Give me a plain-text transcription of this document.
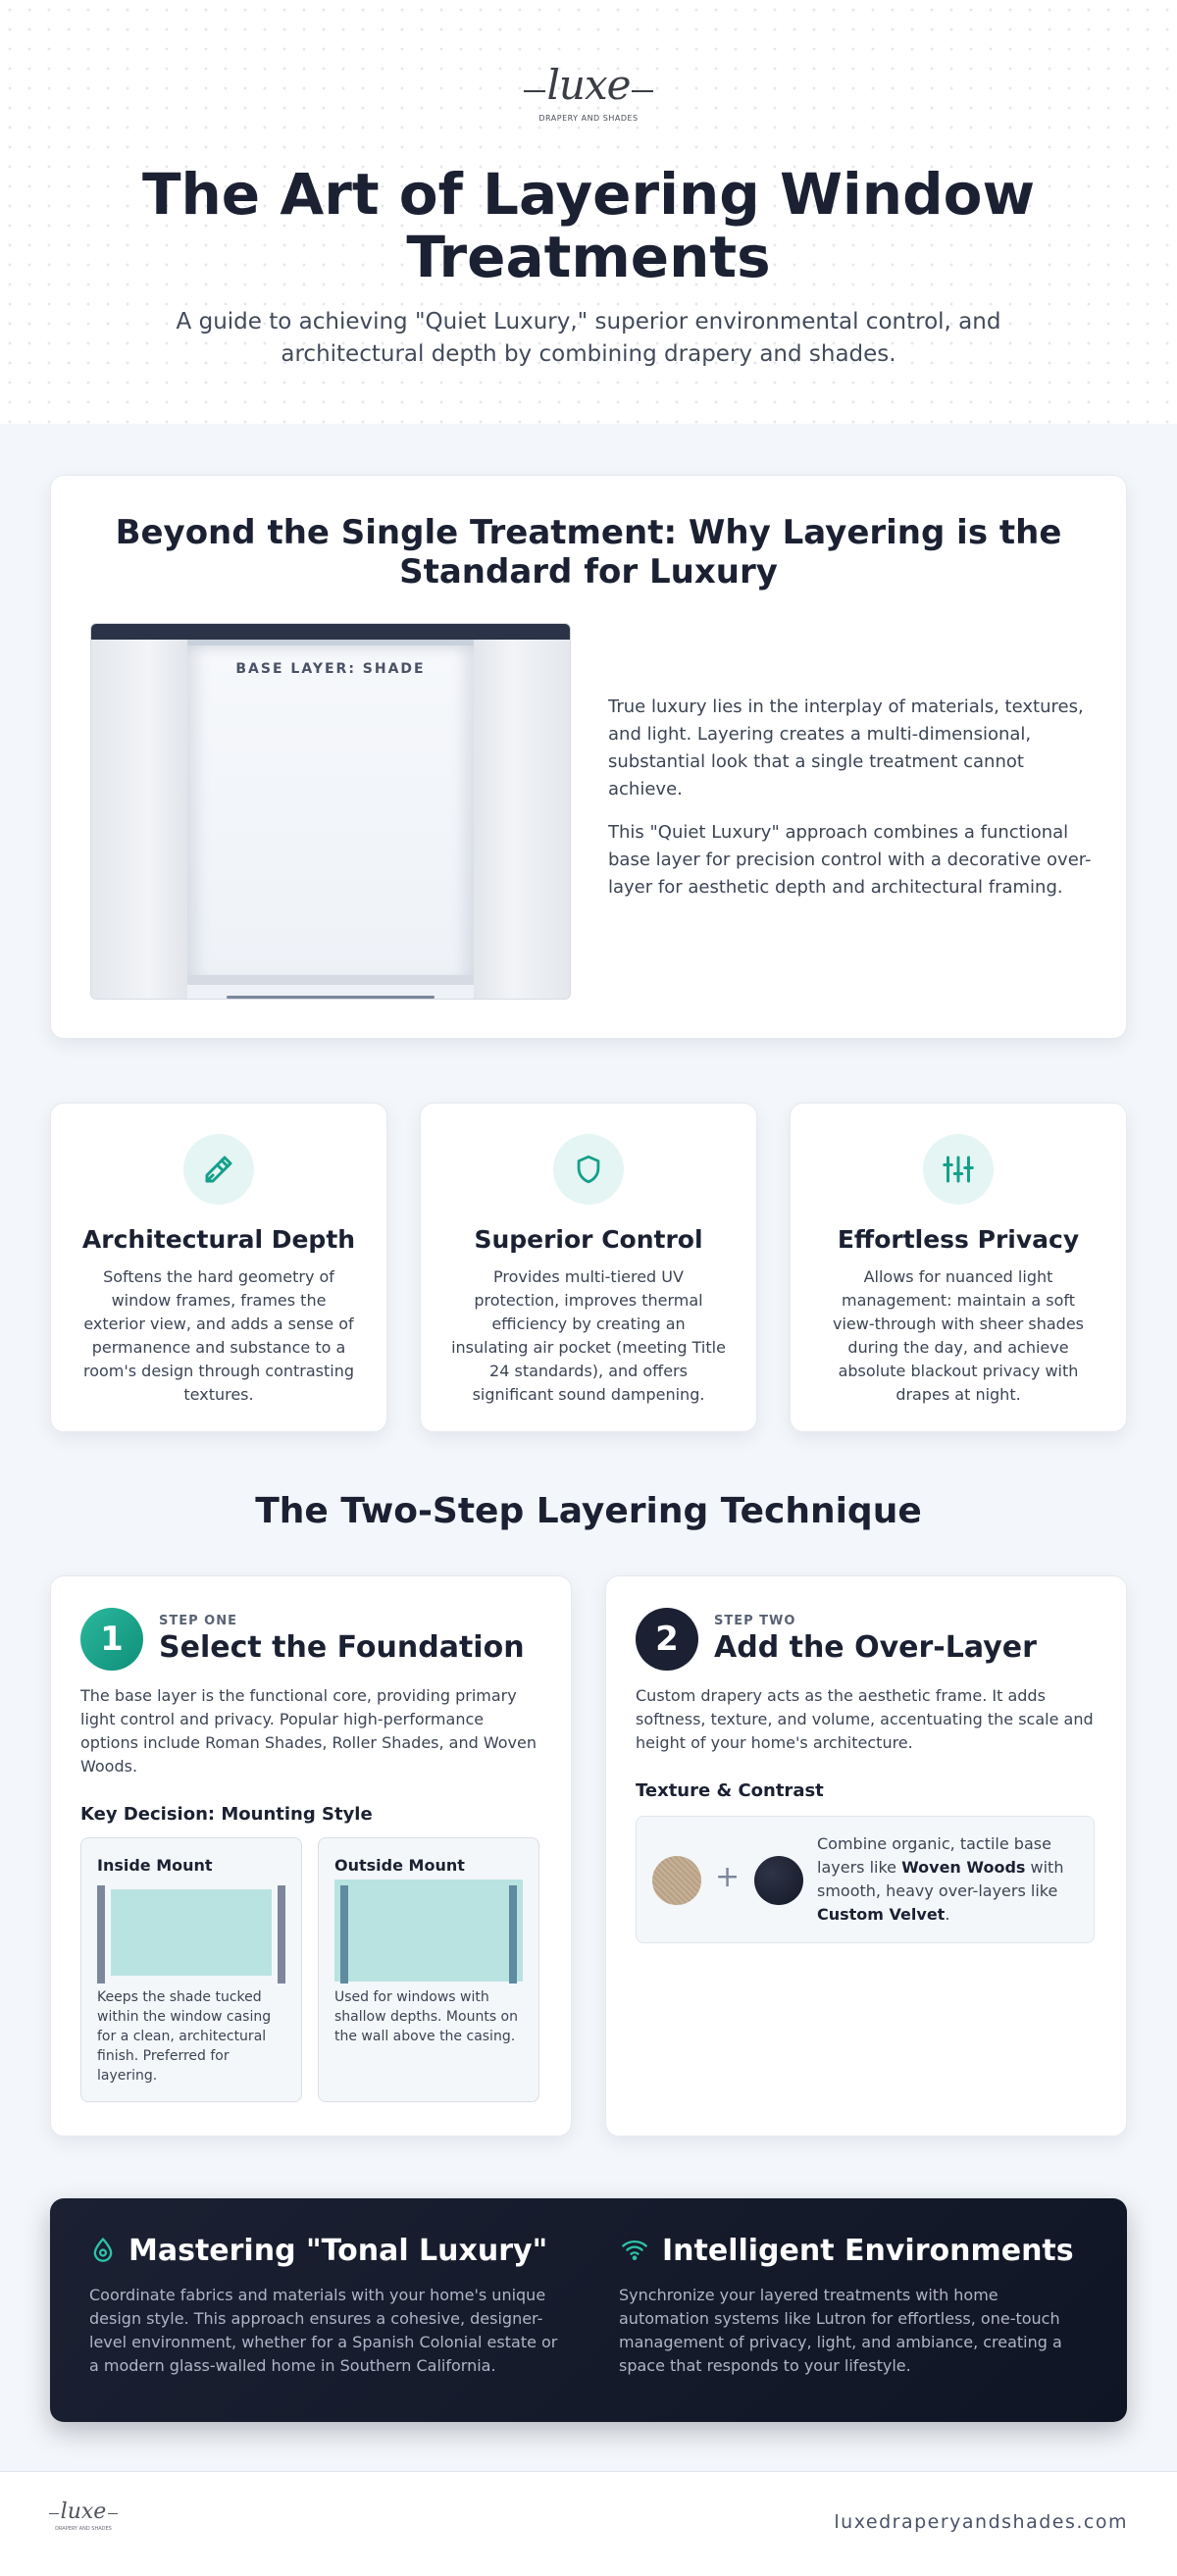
luxe
DRAPERY AND SHADES
The Art of Layering Window Treatments

A guide to achieving "Quiet Luxury," superior environmental control, and architectural depth by combining drapery and shades.

Beyond the Single Treatment: Why Layering is the Standard for Luxury
BASE LAYER: SHADE

True luxury lies in the interplay of materials, textures, and light. Layering creates a multi-dimensional, substantial look that a single treatment cannot achieve.

This "Quiet Luxury" approach combines a functional base layer for precision control with a decorative over-layer for aesthetic depth and architectural framing.

Architectural Depth

Softens the hard geometry of window frames, frames the exterior view, and adds a sense of permanence and substance to a room's design through contrasting textures.

Superior Control

Provides multi-tiered UV protection, improves thermal efficiency by creating an insulating air pocket (meeting Title 24 standards), and offers significant sound dampening.

Effortless Privacy

Allows for nuanced light management: maintain a soft view-through with sheer shades during the day, and achieve absolute blackout privacy with drapes at night.

The Two-Step Layering Technique
1	STEP ONE
Select the Foundation

The base layer is the functional core, providing primary light control and privacy. Popular high-performance options include Roman Shades, Roller Shades, and Woven Woods.

Key Decision: Mounting Style
Inside Mount

Keeps the shade tucked within the window casing for a clean, architectural finish. Preferred for layering.

Outside Mount

Used for windows with shallow depths. Mounts on the wall above the casing.

2	STEP TWO
Add the Over-Layer

Custom drapery acts as the aesthetic frame. It adds softness, texture, and volume, accentuating the scale and height of your home's architecture.

Texture & Contrast
+
Combine organic, tactile base layers like Woven Woods with smooth, heavy over-layers like Custom Velvet.
Mastering "Tonal Luxury"

Coordinate fabrics and materials with your home's unique design style. This approach ensures a cohesive, designer-level environment, whether for a Spanish Colonial estate or a modern glass-walled home in Southern California.

Intelligent Environments

Synchronize your layered treatments with home automation systems like Lutron for effortless, one-touch management of privacy, light, and ambiance, creating a space that responds to your lifestyle.

luxe
DRAPERY AND SHADES	luxedraperyandshades.com
